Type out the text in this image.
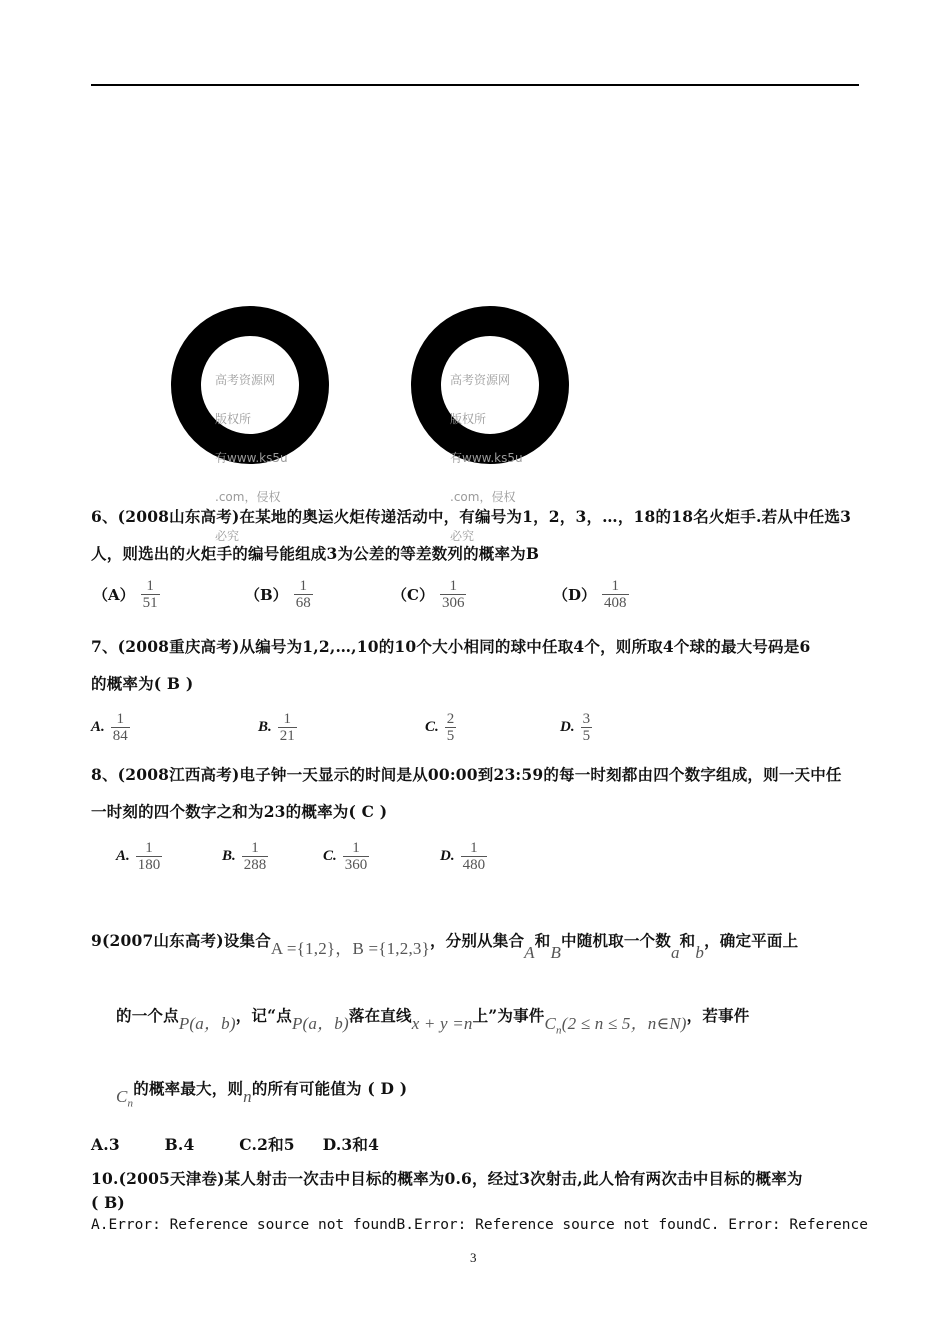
高考资源网

版权所

有www.ks5u

.com，侵权

必究

高考资源网

版权所

有www.ks5u

.com，侵权

必究

6、(2008山东高考)在某地的奥运火炬传递活动中，有编号为1，2，3，…，18的18名火炬手.若从中任选3
人，则选出的火炬手的编号能组成3为公差的等差数列的概率为B
$(A) \frac{1}{51}$	$(B) \frac{1}{68}$	$(C) \frac{1}{306}$	$(D) \frac{1}{408}$
7、(2008重庆高考)从编号为1,2,…,10的10个大小相同的球中任取4个，则所取4个球的最大号码是6
的概率为( B )
A. $\frac{1}{84}$	B. $\frac{1}{21}$	C. $\frac{2}{5}$	D. $\frac{3}{5}$
8、(2008江西高考)电子钟一天显示的时间是从00:00到23:59的每一时刻都由四个数字组成，则一天中任
一时刻的四个数字之和为23的概率为( C )
A. $\frac{1}{180}$	B. $\frac{1}{288}$	C. $\frac{1}{360}$	D. $\frac{1}{480}$
9(2007山东高考)设集合A ={1,2}，B ={1,2,3}，分别从集合A和B中随机取一个数a和b，确定平面上
的一个点P(a，b)，记“点P(a，b)落在直线x + y =n上”为事件$C_n(2 \le n \le 5$，n∈N)，若事件
$C_n$的概率最大，则n的所有可能值为 ( D )
A.3        B.4        C.2和5     D.3和4
10.(2005天津卷)某人射击一次击中目标的概率为0.6，经过3次射击,此人恰有两次击中目标的概率为
( B)
A.Error: Reference source not foundB.Error: Reference source not foundC. Error: Reference
3
